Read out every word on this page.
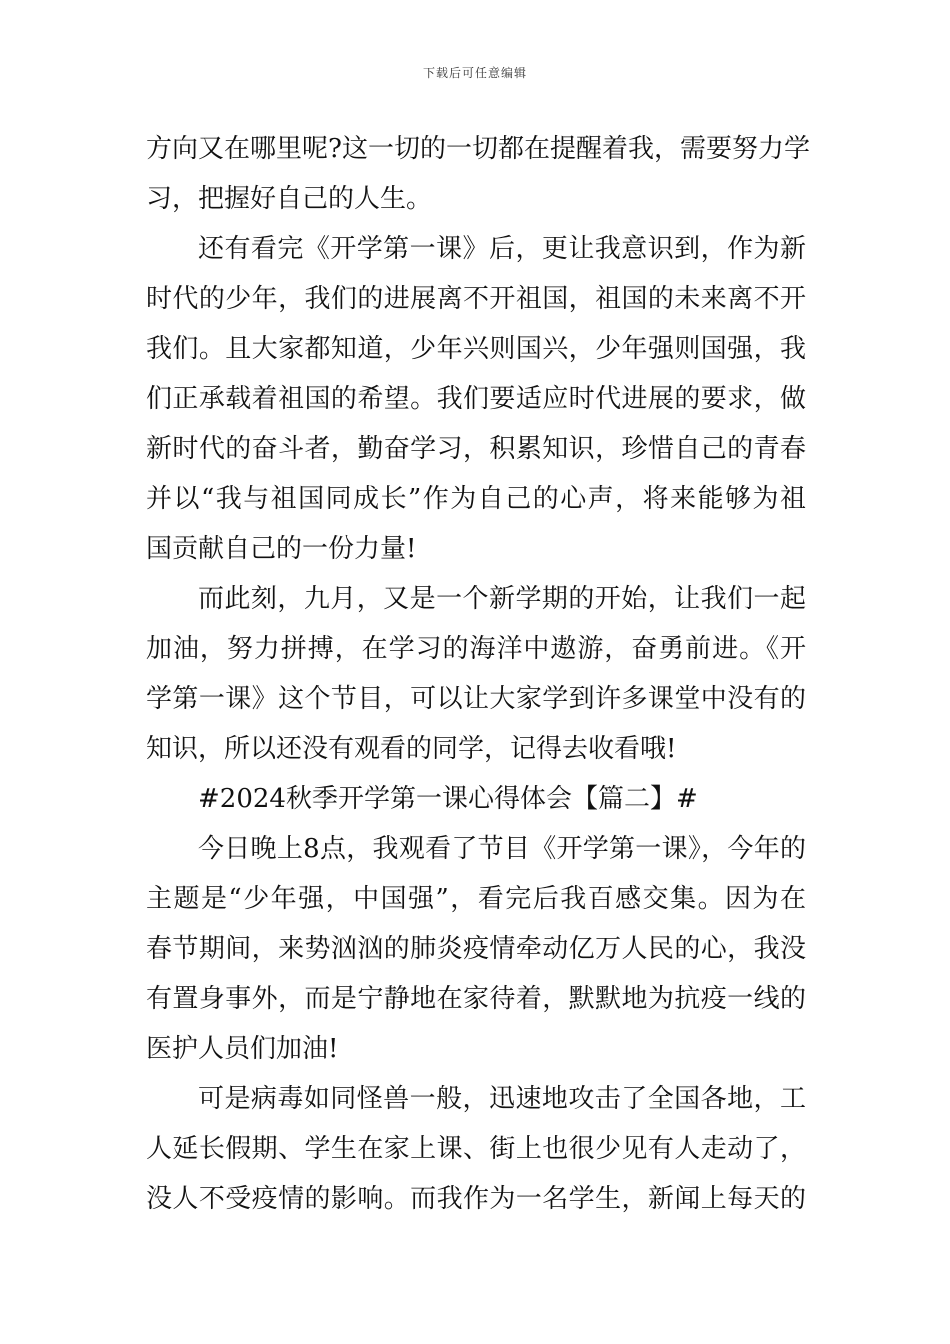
下载后可任意编辑
方向又在哪里呢?这一切的一切都在提醒着我，需要努力学
习，把握好自己的人生。
还有看完《开学第一课》后，更让我意识到，作为新
时代的少年，我们的进展离不开祖国，祖国的未来离不开
我们。且大家都知道，少年兴则国兴，少年强则国强，我
们正承载着祖国的希望。我们要适应时代进展的要求，做
新时代的奋斗者，勤奋学习，积累知识，珍惜自己的青春
并以“我与祖国同成长”作为自己的心声，将来能够为祖
国贡献自己的一份力量!
而此刻，九月，又是一个新学期的开始，让我们一起
加油，努力拼搏，在学习的海洋中遨游，奋勇前进。《开
学第一课》这个节目，可以让大家学到许多课堂中没有的
知识，所以还没有观看的同学，记得去收看哦!
#2024秋季开学第一课心得体会【篇二】#
今日晚上8点，我观看了节目《开学第一课》，今年的
主题是“少年强，中国强”，看完后我百感交集。因为在
春节期间，来势汹汹的肺炎疫情牵动亿万人民的心，我没
有置身事外，而是宁静地在家待着，默默地为抗疫一线的
医护人员们加油!
可是病毒如同怪兽一般，迅速地攻击了全国各地，工
人延长假期、学生在家上课、街上也很少见有人走动了，
没人不受疫情的影响。而我作为一名学生，新闻上每天的
